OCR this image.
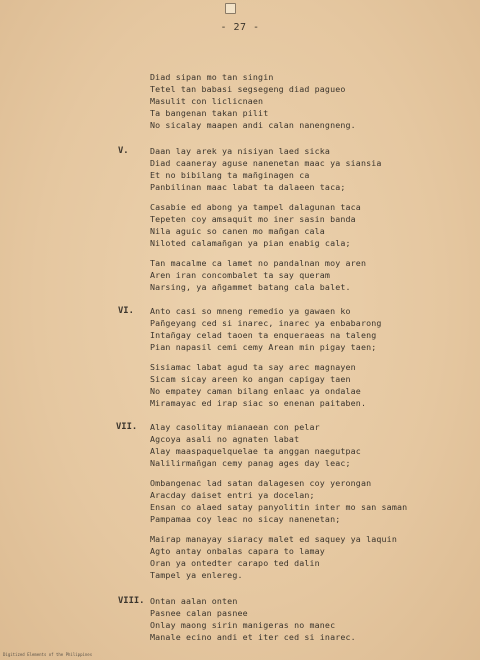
- 27 -
Diad sipan mo tan singin
Tetel tan babasi segsegeng diad pagueo
Masulit con liclicnaen
Ta bangenan takan pilit
No sicalay maapen andi calan nanengneng.
V.	Daan lay arek ya nisiyan laed sicka
Diad caaneray aguse nanenetan maac ya siansia
Et no bibilang ta mañginagen ca
Panbilinan maac labat ta dalaeen taca;
Casabie ed abong ya tampel dalagunan taca
Tepeten coy amsaquit mo iner sasin banda
Nila aguic so canen mo mañgan cala
Niloted calamañgan ya pian enabig cala;
Tan macalme ca lamet no pandalnan moy aren
Aren iran concombalet ta say queram
Narsing, ya añgammet batang cala balet.
VI. Anto casi so mneng remedio ya gawaen ko
Pañgeyang ced si inarec, inarec ya enbabarong
Intañgay celad taoen ta enqueraeas na taleng
Pian napasil cemi cemy Arean min pigay taen;
Sisiamac labat agud ta say arec magnayen
Sicam sicay areen ko angan capigay taen
No empatey caman bilang enlaac ya ondalae
Miramayac ed irap siac so enenan paitaben.
VII. Alay casolitay mianaean con pelar
Agcoya asali no agnaten labat
Alay maaspaquelquelae ta anggan naegutpac
Nalilirmañgan cemy panag ages day leac;
Ombangenac lad satan dalagesen coy yerongan
Aracday daiset entri ya docelan;
Ensan co alaed satay panyolitin inter mo san saman
Pampamaa coy leac no sicay nanenetan;
Mairap manayay siaracy malet ed saquey ya laquin
Agto antay onbalas capara to lamay
Oran ya ontedter carapo ted dalin
Tampel ya enlereg.
VIII. Ontan aalan onten
Pasnee calan pasnee
Onlay maong sirin manigeras no manec
Manale ecino andi et iter ced si inarec.
Digitized Elements of the Philippines
